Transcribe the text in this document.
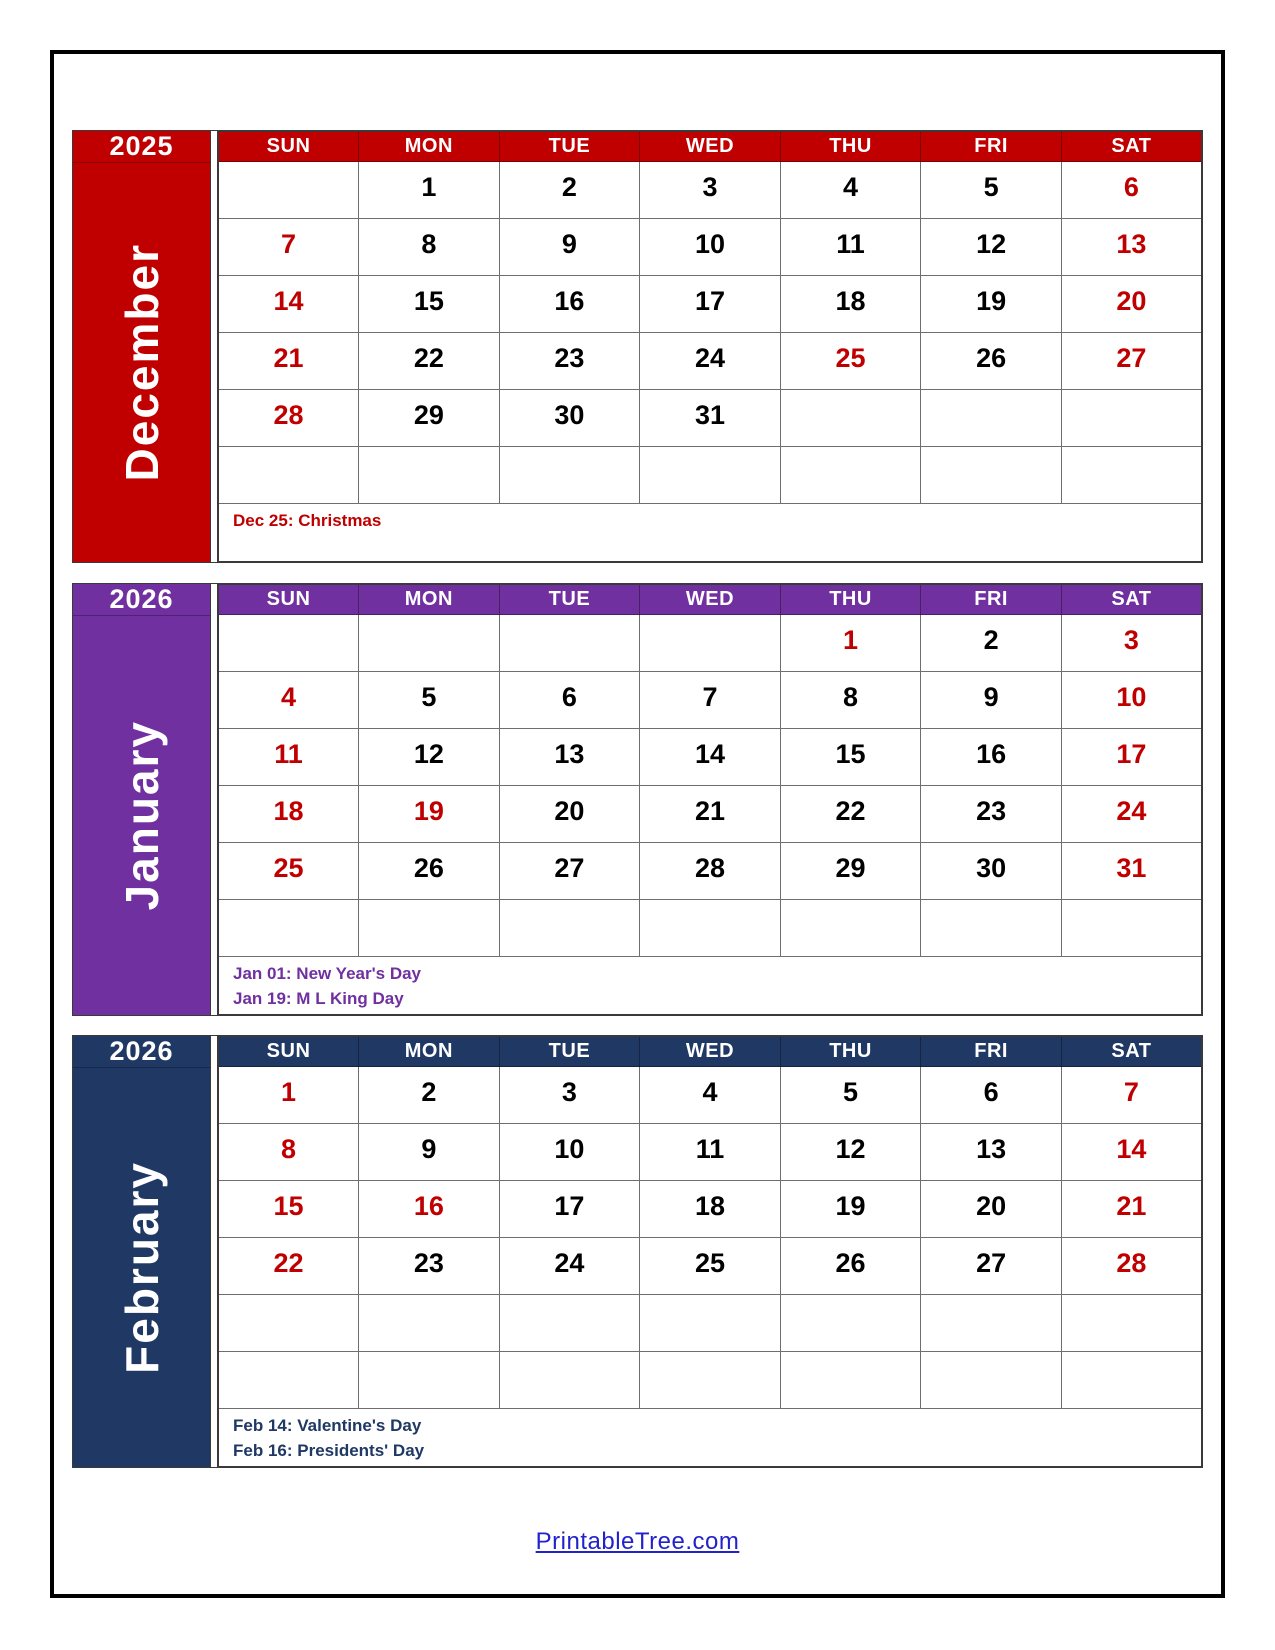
2025
December
SUN	MON	TUE	WED	THU	FRI	SAT
	1	2	3	4	5	6
7	8	9	10	11	12	13
14	15	16	17	18	19	20
21	22	23	24	25	26	27
28	29	30	31			

Dec 25: Christmas						
2026
January
SUN	MON	TUE	WED	THU	FRI	SAT
				1	2	3
4	5	6	7	8	9	10
11	12	13	14	15	16	17
18	19	20	21	22	23	24
25	26	27	28	29	30	31

Jan 01: New Year's Day
Jan 19: M L King Day						
2026
February
SUN	MON	TUE	WED	THU	FRI	SAT
1	2	3	4	5	6	7
8	9	10	11	12	13	14
15	16	17	18	19	20	21
22	23	24	25	26	27	28

Feb 14: Valentine's Day
Feb 16: Presidents' Day						
PrintableTree.com
